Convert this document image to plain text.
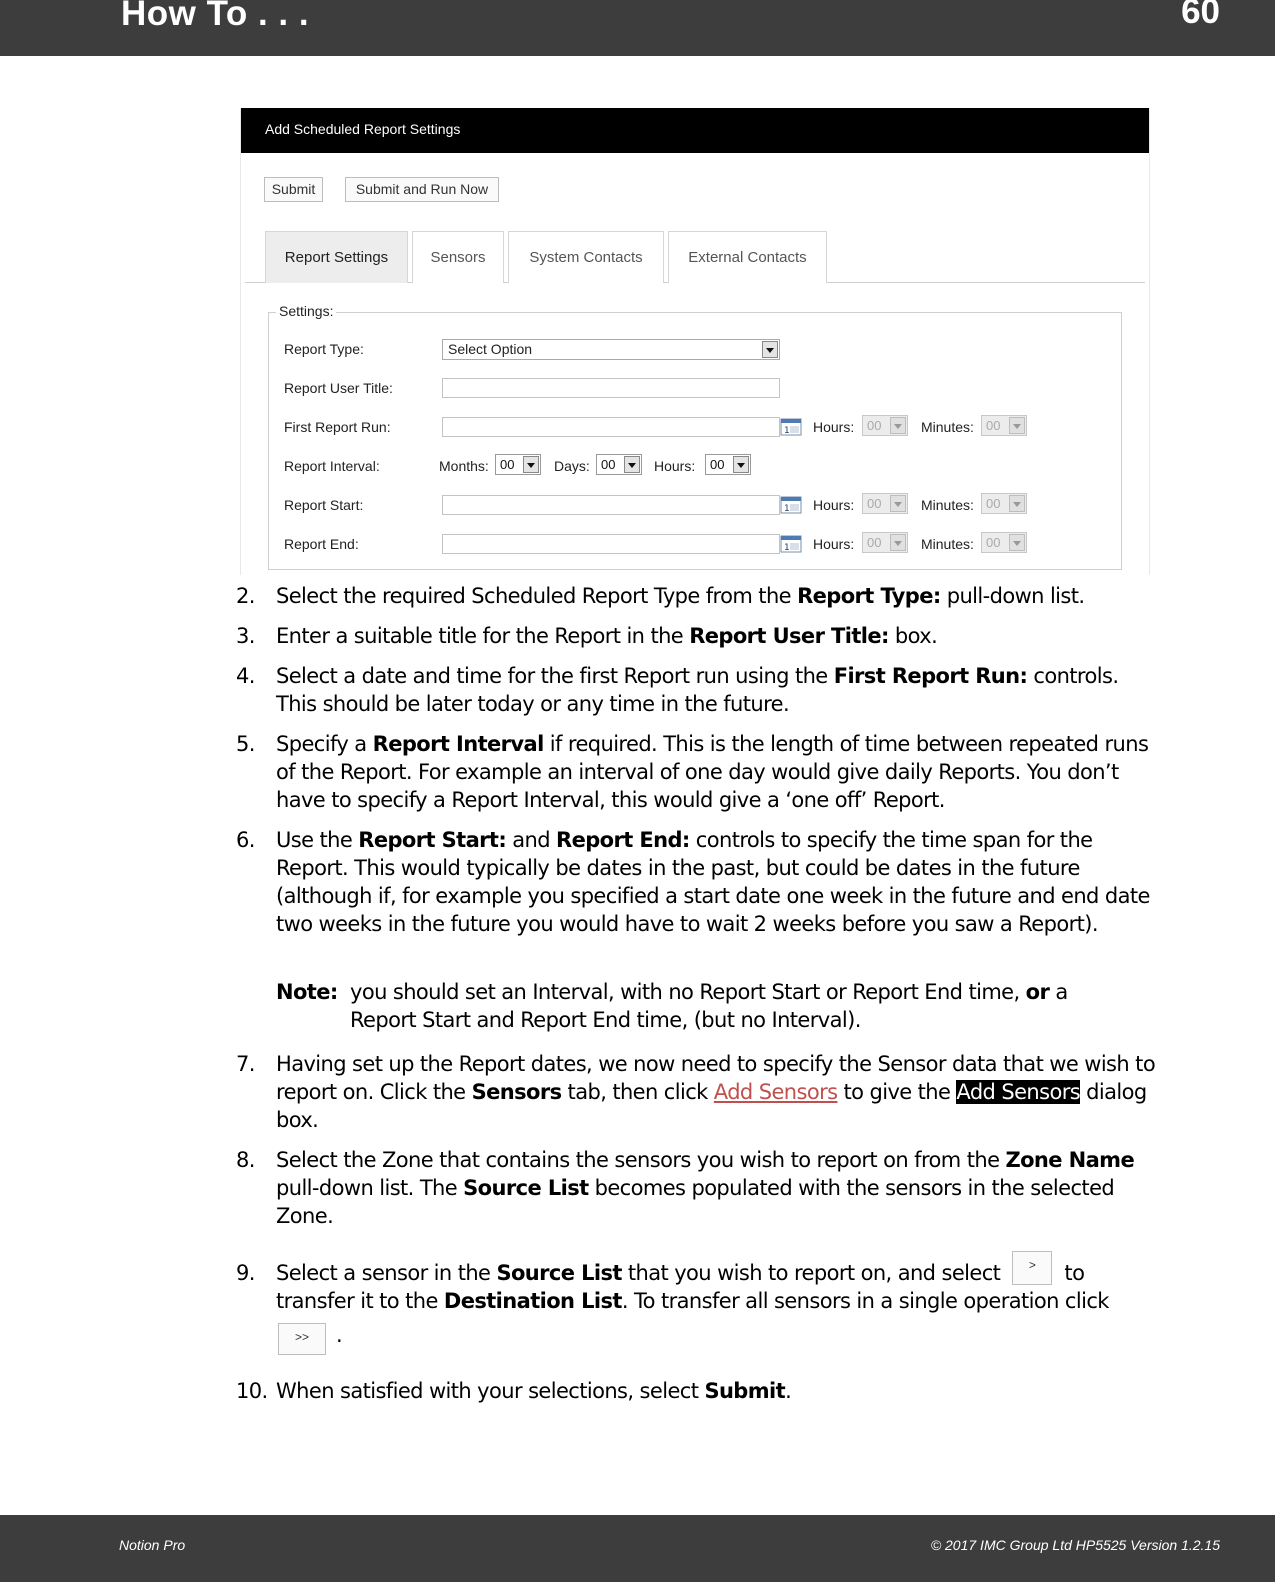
How To . . .	60
Add Scheduled Report Settings
Submit	Submit and Run Now
Report Settings	Sensors	System Contacts	External Contacts
Settings:
Report Type:	Select Option
Report User Title:
First Report Run:	1 Hours: 00	Minutes: 00
Report Interval:	Months: 00	Days: 00	Hours:	00
Report Start:	1 Hours: 00	Minutes: 00
Report End:	1 Hours: 00	Minutes: 00
2. Select the required Scheduled Report Type from the Report Type: pull-down list.
3. Enter a suitable title for the Report in the Report User Title: box.
4. Select a date and time for the first Report run using the First Report Run: controls. This should be later today or any time in the future.
5. Specify a Report Interval if required. This is the length of time between repeated runs of the Report. For example an interval of one day would give daily Reports. You don’t have to specify a Report Interval, this would give a ‘one off’ Report.
6. Use the Report Start: and Report End: controls to specify the time span for the Report. This would typically be dates in the past, but could be dates in the future (although if, for example you specified a start date one week in the future and end date two weeks in the future you would have to wait 2 weeks before you saw a Report).
Note: you should set an Interval, with no Report Start or Report End time, or a Report Start and Report End time, (but no Interval).
7. Having set up the Report dates, we now need to specify the Sensor data that we wish to report on. Click the Sensors tab, then click Add Sensors to give the Add Sensors dialog box.
8. Select the Zone that contains the sensors you wish to report on from the Zone Name pull-down list. The Source List becomes populated with the sensors in the selected Zone.
9. Select a sensor in the Source List that you wish to report on, and select > to transfer it to the Destination List. To transfer all sensors in a single operation click
>> .
10. When satisfied with your selections, select Submit.
Notion Pro	© 2017 IMC Group Ltd HP5525 Version 1.2.15
